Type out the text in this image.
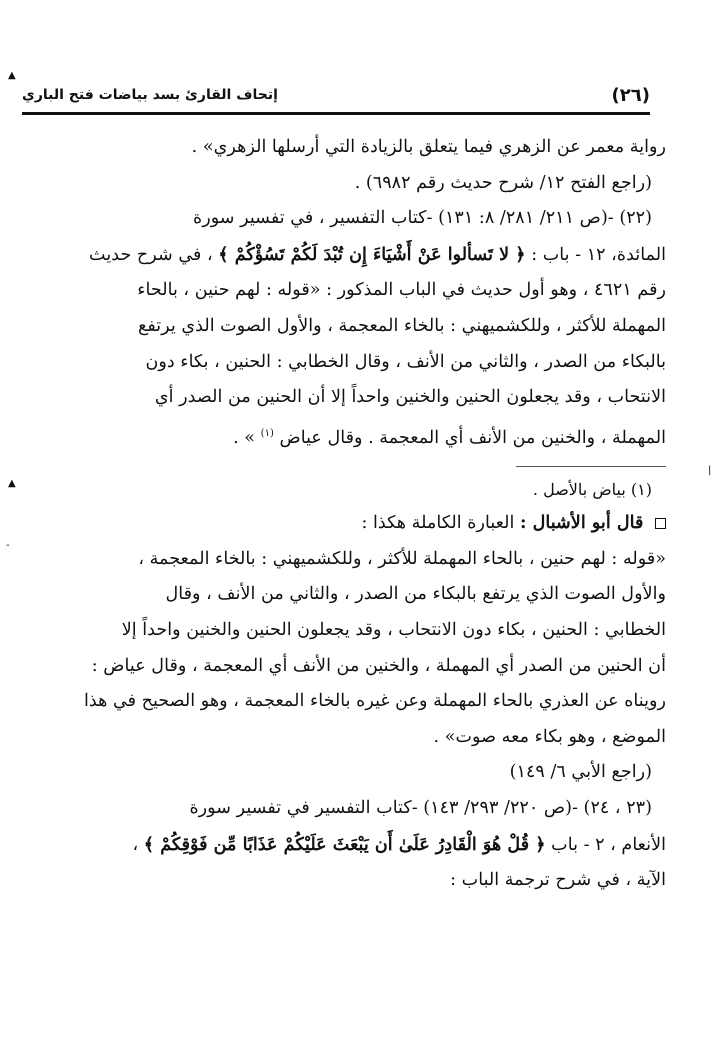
▲
▲
-
|
(٢٦)
إتحاف القارئ بسد بياضات فتح الباري

رواية معمر عن الزهري فيما يتعلق بالزيادة التي أرسلها الزهري» .

(راجع الفتح ١٢/ شرح حديث رقم ٦٩٨٢) .

(٢٢) -(ص ٢١١/ ٢٨١/ ٨: ١٣١) -كتاب التفسير ، في تفسير سورة

المائدة، ١٢ - باب : ﴿ لا تَسألوا عَنْ أَشْيَاءَ إِن تُبْدَ لَكُمْ تَسُؤْكُمْ ﴾ ، في شرح حديث

رقم ٤٦٢١ ، وهو أول حديث في الباب المذكور : «قوله : لهم حنين ، بالحاء

المهملة للأكثر ، وللكشميهني : بالخاء المعجمة ، والأول الصوت الذي يرتفع

بالبكاء من الصدر ، والثاني من الأنف ، وقال الخطابي : الحنين ، بكاء دون

الانتحاب ، وقد يجعلون الحنين والخنين واحداً إلا أن الحنين من الصدر أي

المهملة ، والخنين من الأنف أي المعجمة . وقال عياض $^{(١)}$ » .

(١) بياض بالأصل .

قال أبو الأشبال : العبارة الكاملة هكذا :

«قوله : لهم حنين ، بالحاء المهملة للأكثر ، وللكشميهني : بالخاء المعجمة ،

والأول الصوت الذي يرتفع بالبكاء من الصدر ، والثاني من الأنف ، وقال

الخطابي : الحنين ، بكاء دون الانتحاب ، وقد يجعلون الحنين والخنين واحداً إلا

أن الحنين من الصدر أي المهملة ، والخنين من الأنف أي المعجمة ، وقال عياض :

رويناه عن العذري بالحاء المهملة وعن غيره بالخاء المعجمة ، وهو الصحيح في هذا

الموضع ، وهو بكاء معه صوت» .

(راجع الأبي ٦/ ١٤٩)

(٢٣ ، ٢٤) -(ص ٢٢٠/ ٢٩٣/ ١٤٣) -كتاب التفسير في تفسير سورة

الأنعام ، ٢ - باب ﴿ قُلْ هُوَ الْقَادِرُ عَلَىٰ أَن يَبْعَثَ عَلَيْكُمْ عَذَابًا مِّن فَوْقِكُمْ ﴾ ،

الآية ، في شرح ترجمة الباب :
